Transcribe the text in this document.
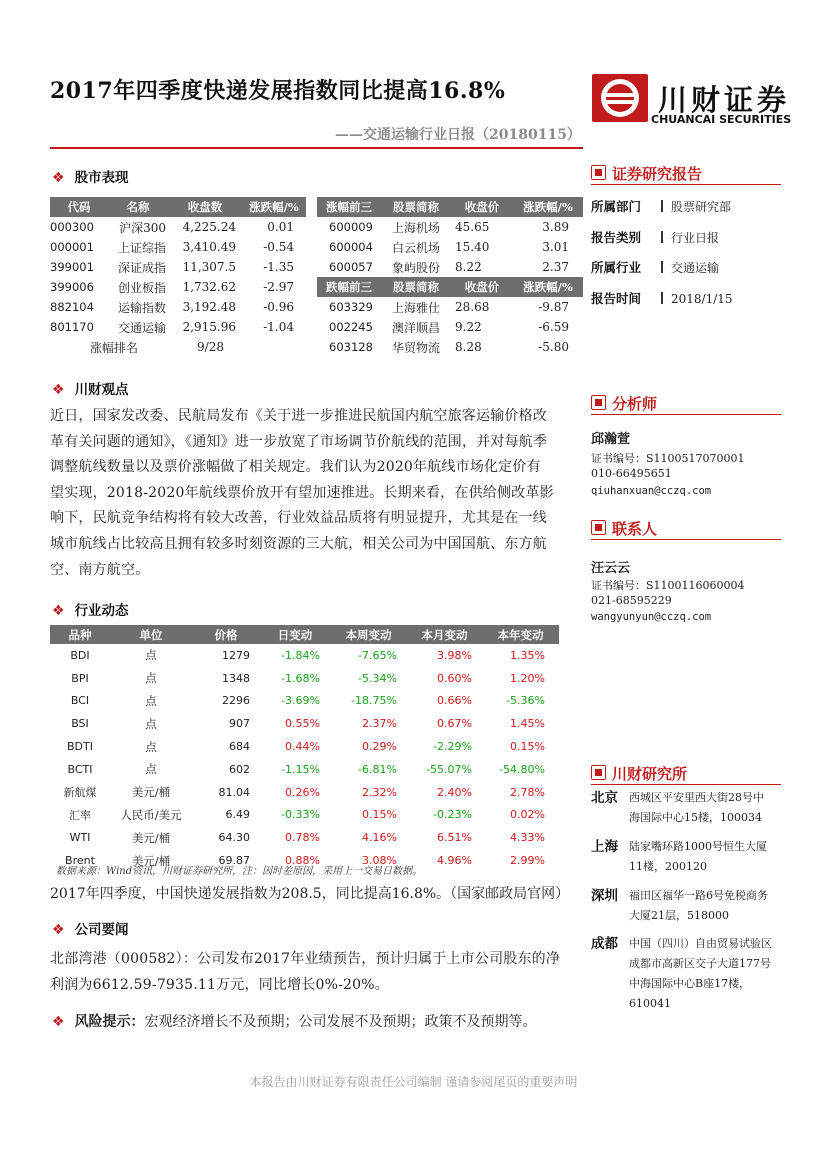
2017年四季度快递发展指数同比提高16.8%
——交通运输行业日报（20180115）
川财证券
CHUANCAI SECURITIES
❖ 股市表现
代码	名称	收盘数	涨跌幅/%
000300	沪深300	4,225.24	0.01
000001	上证综指	3,410.49	-0.54
399001	深证成指	11,307.5	-1.35
399006	创业板指	1,732.62	-2.97
882104	运输指数	3,192.48	-0.96
801170	交通运输	2,915.96	-1.04
涨幅排名		9/28	
涨幅前三	股票简称	收盘价	涨跌幅/%
600009	上海机场	45.65	3.89
600004	白云机场	15.40	3.01
600057	象屿股份	8.22	2.37
跌幅前三	股票简称	收盘价	涨跌幅/%
603329	上海雅仕	28.68	-9.87
002245	澳洋顺昌	9.22	-6.59
603128	华贸物流	8.28	-5.80
❖ 川财观点
近日，国家发改委、民航局发布《关于进一步推进民航国内航空旅客运输价格改
革有关问题的通知》，《通知》进一步放宽了市场调节价航线的范围，并对每航季
调整航线数量以及票价涨幅做了相关规定。我们认为2020年航线市场化定价有
望实现，2018-2020年航线票价放开有望加速推进。长期来看，在供给侧改革影
响下，民航竞争结构将有较大改善，行业效益品质将有明显提升，尤其是在一线
城市航线占比较高且拥有较多时刻资源的三大航，相关公司为中国国航、东方航
空、南方航空。
❖ 行业动态
品种	单位	价格	日变动	本周变动	本月变动	本年变动
BDI	点	1279	-1.84%	-7.65%	3.98%	1.35%
BPI	点	1348	-1.68%	-5.34%	0.60%	1.20%
BCI	点	2296	-3.69%	-18.75%	0.66%	-5.36%
BSI	点	907	0.55%	2.37%	0.67%	1.45%
BDTI	点	684	0.44%	0.29%	-2.29%	0.15%
BCTI	点	602	-1.15%	-6.81%	-55.07%	-54.80%
新航煤	美元/桶	81.04	0.26%	2.32%	2.40%	2.78%
汇率	人民币/美元	6.49	-0.33%	0.15%	-0.23%	0.02%
WTI	美元/桶	64.30	0.78%	4.16%	6.51%	4.33%
Brent	美元/桶	69.87	0.88%	3.08%	4.96%	2.99%
数据来源：Wind资讯，川财证券研究所，注：因时差原因，采用上一交易日数据。
2017年四季度，中国快递发展指数为208.5，同比提高16.8%。（国家邮政局官网）
❖ 公司要闻
北部湾港（000582）：公司发布2017年业绩预告，预计归属于上市公司股东的净
利润为6612.59-7935.11万元，同比增长0%-20%。
❖ 风险提示：宏观经济增长不及预期；公司发展不及预期；政策不及预期等。
证券研究报告
所属部门 股票研究部
报告类别 行业日报
所属行业 交通运输
报告时间 2018/1/15
分析师
邱瀚萱
证书编号：S1100517070001
010-66495651
qiuhanxuan@cczq.com
联系人
汪云云
证书编号：S1100116060004
021-68595229
wangyunyun@cczq.com
川财研究所
北京 西城区平安里西大街28号中
海国际中心15楼，100034
上海 陆家嘴环路1000号恒生大厦
11楼，200120
深圳 福田区福华一路6号免税商务
大厦21层，518000
成都 中国（四川）自由贸易试验区
成都市高新区交子大道177号
中海国际中心B座17楼，
610041
本报告由川财证券有限责任公司编制 谨请参阅尾页的重要声明
